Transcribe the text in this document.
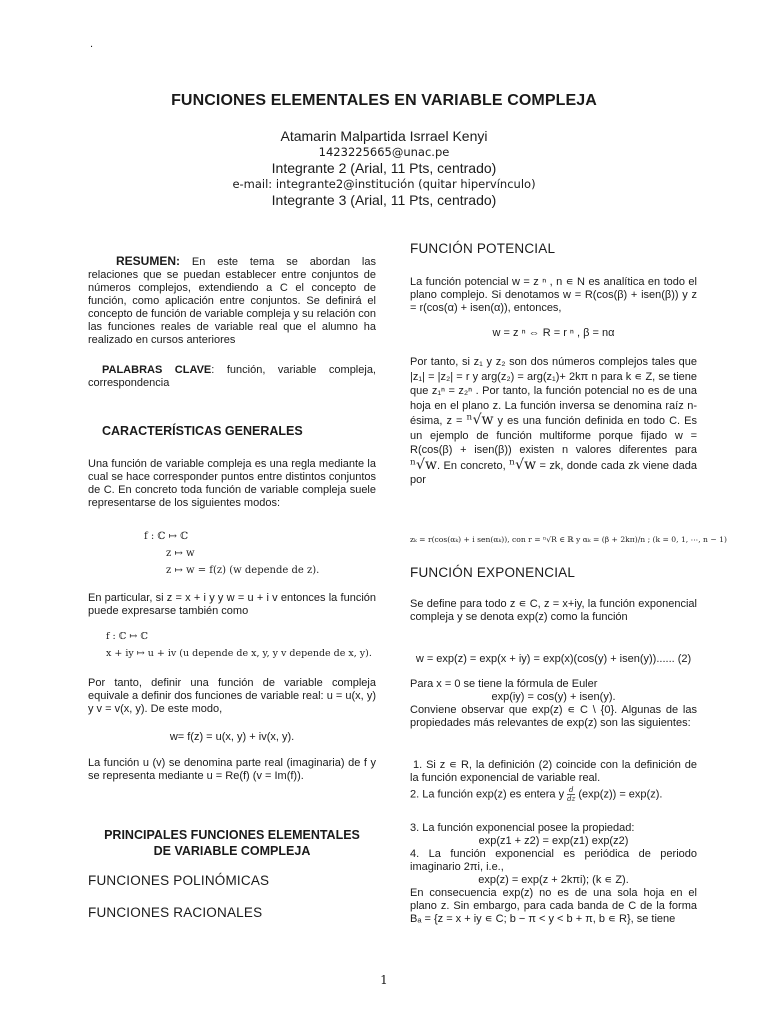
.
FUNCIONES ELEMENTALES EN VARIABLE COMPLEJA
Atamarin Malpartida Isrrael Kenyi
1423225665@unac.pe
Integrante 2 (Arial, 11 Pts, centrado)
e-mail: integrante2@institución (quitar hipervínculo)
Integrante 3 (Arial, 11 Pts, centrado)
RESUMEN: En este tema se abordan las relaciones que se puedan establecer entre conjuntos de números complejos, extendiendo a C el concepto de función, como aplicación entre conjuntos. Se definirá el concepto de función de variable compleja y su relación con las funciones reales de variable real que el alumno ha realizado en cursos anteriores
PALABRAS CLAVE: función, variable compleja, correspondencia
CARACTERÍSTICAS GENERALES
Una función de variable compleja es una regla mediante la cual se hace corresponder puntos entre distintos conjuntos de C. En concreto toda función de variable compleja suele representarse de los siguientes modos:
f : ℂ ↦ ℂ
z ↦ w
z ↦ w = f(z) (w depende de z).
En particular, si z = x + i y y w = u + i v entonces la función puede expresarse también como
f : ℂ ↦ ℂ
x + iy ↦ u + iv (u depende de x, y, y v depende de x, y).
Por tanto, definir una función de variable compleja equivale a definir dos funciones de variable real: u = u(x, y) y v = v(x, y). De este modo,
w= f(z) = u(x, y) + iv(x, y).
La función u (v) se denomina parte real (imaginaria) de f y se representa mediante u = Re(f) (v = Im(f)).
PRINCIPALES FUNCIONES ELEMENTALES
DE VARIABLE COMPLEJA
FUNCIONES POLINÓMICAS
FUNCIONES RACIONALES
FUNCIÓN POTENCIAL
La función potencial w = z ⁿ , n ∊ N es analítica en todo el plano complejo. Si denotamos w = R(cos(β) + isen(β)) y z = r(cos(α) + isen(α)), entonces,
w = z ⁿ ⇔ R = r ⁿ , β = nα
Por tanto, si z₁ y z₂ son dos números complejos tales que |z₁| = |z₂| = r y arg(z₂) = arg(z₁)+ 2kπ n para k ∊ Z, se tiene que z₁ⁿ = z₂ⁿ . Por tanto, la función potencial no es de una hoja en el plano z. La función inversa se denomina raíz n-ésima, z = ⁿ√w y es una función definida en todo C. Es un ejemplo de función multiforme porque fijado w = R(cos(β) + isen(β)) existen n valores diferentes para ⁿ√w. En concreto, ⁿ√w = zk, donde cada zk viene dada por
zₖ = r(cos(αₖ) + i sen(αₖ)), con r = ⁿ√R ∈ ℝ y αₖ = (β + 2kπ)/n ; (k = 0, 1, ⋯, n − 1)
FUNCIÓN EXPONENCIAL
Se define para todo z ∊ C, z = x+iy, la función exponencial compleja y se denota exp(z) como la función
w = exp(z) = exp(x + iy) = exp(x)(cos(y) + isen(y))...... (2)
Para x = 0 se tiene la fórmula de Euler
exp(iy) = cos(y) + isen(y).
Conviene observar que exp(z) ∊ C \ {0}. Algunas de las propiedades más relevantes de exp(z) son las siguientes:
1. Si z ∊ R, la definición (2) coincide con la definición de la función exponencial de variable real.
2. La función exp(z) es entera y $\frac{d}{dz} (\exp(z)) = \exp(z)$.
3. La función exponencial posee la propiedad:
exp(z1 + z2) = exp(z1) exp(z2)
4. La función exponencial es periódica de periodo imaginario 2πi, i.e.,
exp(z) = exp(z + 2kπi); (k ∊ Z).
En consecuencia exp(z) no es de una sola hoja en el plano z. Sin embargo, para cada banda de C de la forma Bₐ = {z = x + iy ∊ C; b − π < y < b + π, b ∊ R}, se tiene
1
